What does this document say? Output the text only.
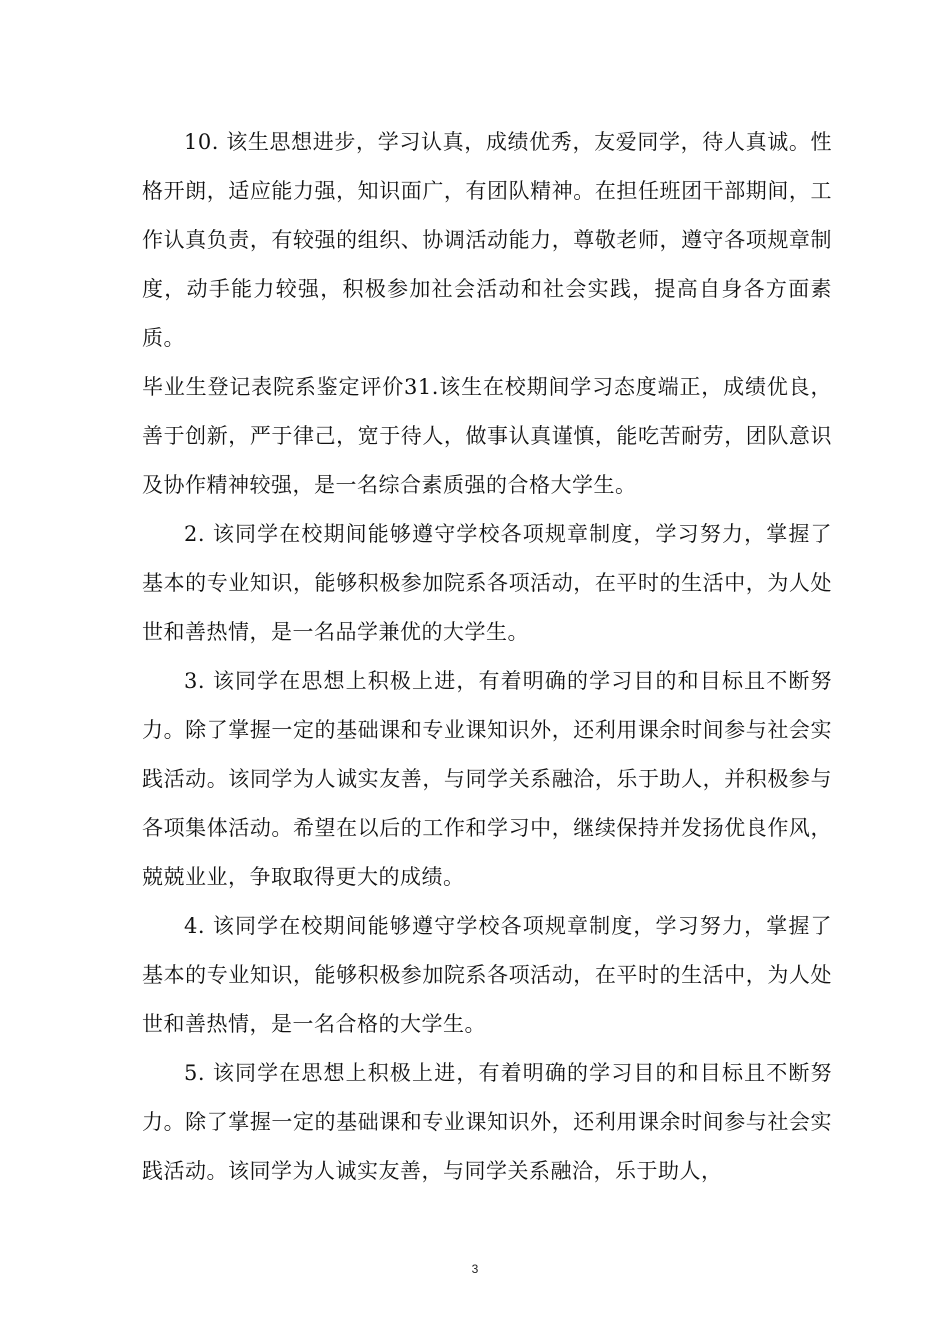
10. 该生思想进步，学习认真，成绩优秀，友爱同学，待人真诚。性格开朗，适应能力强，知识面广，有团队精神。在担任班团干部期间，工作认真负责，有较强的组织、协调活动能力，尊敬老师，遵守各项规章制度，动手能力较强，积极参加社会活动和社会实践，提高自身各方面素质。

毕业生登记表院系鉴定评价31.该生在校期间学习态度端正，成绩优良，善于创新，严于律己，宽于待人，做事认真谨慎，能吃苦耐劳，团队意识及协作精神较强，是一名综合素质强的合格大学生。

2. 该同学在校期间能够遵守学校各项规章制度，学习努力，掌握了基本的专业知识，能够积极参加院系各项活动，在平时的生活中，为人处世和善热情，是一名品学兼优的大学生。

3. 该同学在思想上积极上进，有着明确的学习目的和目标且不断努力。除了掌握一定的基础课和专业课知识外，还利用课余时间参与社会实践活动。该同学为人诚实友善，与同学关系融洽，乐于助人，并积极参与各项集体活动。希望在以后的工作和学习中，继续保持并发扬优良作风，兢兢业业，争取取得更大的成绩。

4. 该同学在校期间能够遵守学校各项规章制度，学习努力，掌握了基本的专业知识，能够积极参加院系各项活动，在平时的生活中，为人处世和善热情，是一名合格的大学生。

5. 该同学在思想上积极上进，有着明确的学习目的和目标且不断努力。除了掌握一定的基础课和专业课知识外，还利用课余时间参与社会实践活动。该同学为人诚实友善，与同学关系融洽，乐于助人，

3
